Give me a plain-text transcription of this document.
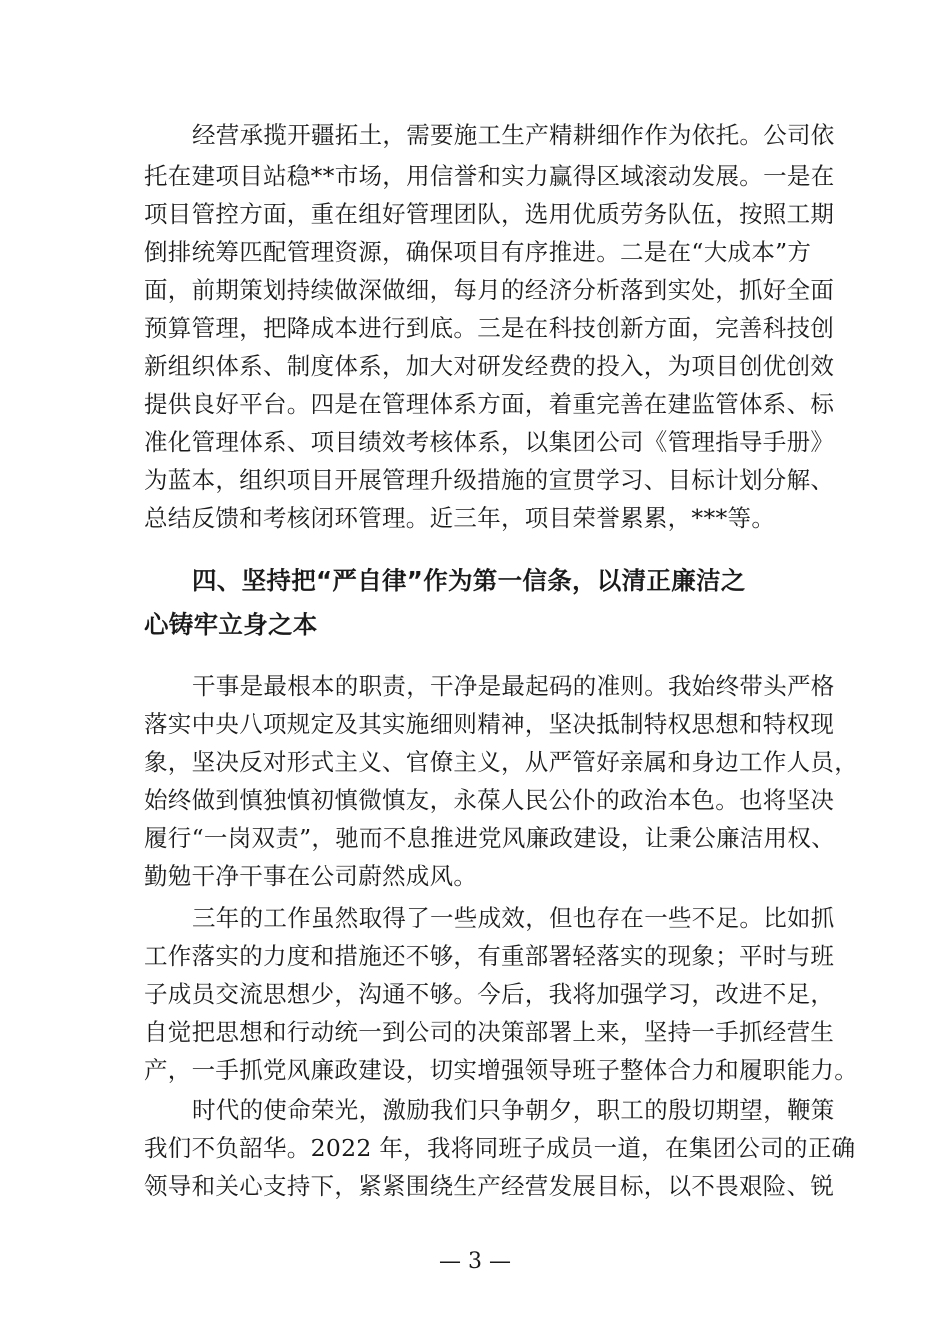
经营承揽开疆拓土，需要施工生产精耕细作作为依托。公司依
托在建项目站稳**市场，用信誉和实力赢得区域滚动发展。一是在
项目管控方面，重在组好管理团队，选用优质劳务队伍，按照工期
倒排统筹匹配管理资源，确保项目有序推进。二是在“大成本”方
面，前期策划持续做深做细，每月的经济分析落到实处，抓好全面
预算管理，把降成本进行到底。三是在科技创新方面，完善科技创
新组织体系、制度体系，加大对研发经费的投入，为项目创优创效
提供良好平台。四是在管理体系方面，着重完善在建监管体系、标
准化管理体系、项目绩效考核体系，以集团公司《管理指导手册》
为蓝本，组织项目开展管理升级措施的宣贯学习、目标计划分解、
总结反馈和考核闭环管理。近三年，项目荣誉累累，***等。
四、坚持把“严自律”作为第一信条，以清正廉洁之
心铸牢立身之本
干事是最根本的职责，干净是最起码的准则。我始终带头严格
落实中央八项规定及其实施细则精神，坚决抵制特权思想和特权现
象，坚决反对形式主义、官僚主义，从严管好亲属和身边工作人员，
始终做到慎独慎初慎微慎友，永葆人民公仆的政治本色。也将坚决
履行“一岗双责”，驰而不息推进党风廉政建设，让秉公廉洁用权、
勤勉干净干事在公司蔚然成风。
三年的工作虽然取得了一些成效，但也存在一些不足。比如抓
工作落实的力度和措施还不够，有重部署轻落实的现象；平时与班
子成员交流思想少，沟通不够。今后，我将加强学习，改进不足，
自觉把思想和行动统一到公司的决策部署上来，坚持一手抓经营生
产，一手抓党风廉政建设，切实增强领导班子整体合力和履职能力。
时代的使命荣光，激励我们只争朝夕，职工的殷切期望，鞭策
我们不负韶华。2022 年，我将同班子成员一道，在集团公司的正确
领导和关心支持下，紧紧围绕生产经营发展目标，以不畏艰险、锐
— 3 —
